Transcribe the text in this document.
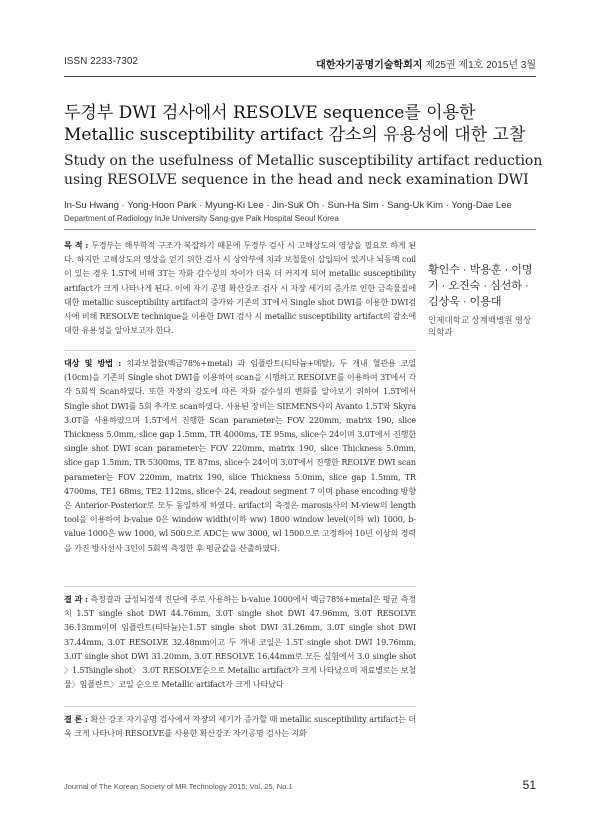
ISSN 2233-7302	대한자기공명기술학회지 제25권 제1호 2015년 3월
두경부 DWI 검사에서 RESOLVE sequence를 이용한 Metallic susceptibility artifact 감소의 유용성에 대한 고찰
Study on the usefulness of Metallic susceptibility artifact reduction using RESOLVE sequence in the head and neck examination DWI
In-Su Hwang · Yong-Hoon Park · Myung-Ki Lee · Jin-Suk Oh · Sun-Ha Sim · Sang-Uk Kim · Yong-Dae Lee
Department of Radiology InJe University Sang-gye Paik Hospital Seoul Korea
목 적 : 두경부는 해부학적 구조가 복잡하기 때문에 두경부 검사 시 고해상도의 영상을 필요로 하게 된다. 하지만 고해상도의 영상을 얻기 위한 검사 시 상악부에 치과 보철물이 삽입되어 있거나 뇌동맥 coil이 있는 경우 1.5T에 비해 3T는 자화 감수성의 차이가 더욱 더 커지게 되어 metallic susceptibility artifact가 크게 나타나게 된다. 이에 자기 공명 확산강조 검사 시 자장 세기의 증가로 인한 금속물질에 대한 metallic susceptibility artifact의 증가와 기존의 3T에서 Single shot DWI를 이용한 DWI검사에 비해 RESOLVE technique을 이용한 DWI 검사 시 metallic susceptibility artifact의 감소에 대한 유용성을 알아보고자 한다.
대상 및 방법 : 치과보철물(백금78%+metal) 과 임플란트(티타늄+메탈), 두 개내 혈관용 코일(10cm)을 기존의 Single shot DWI를 이용하여 scan을 시행하고 RESOLVE를 이용하여 3T에서 각각 5회씩 Scan하였다. 또한 자장의 강도에 따른 자화 감수성의 변화를 알아보기 위하여 1.5T에서 Single shot DWI를 5회 추가로 scan하였다. 사용된 장비는 SIEMENS사의 Avanto 1.5T와 Skyra 3.0T를 사용하였으며 1.5T에서 진행한 Scan parameter는 FOV 220mm, matrix 190, slice Thickness 5.0mm, slice gap 1.5mm, TR 4000ms, TE 95ms, slice수 24이며 3.0T에서 진행한 single shot DWI scan parameter는 FOV 220mm, matrix 190, slice Thickness 5.0mm, slice gap 1.5mm, TR 5300ms, TE 87ms, slice수 24이며 3.0T에서 진행한 REOLVE DWI scan parameter는 FOV 220mm, matrix 190, slice Thickness 5.0mm, slice gap 1.5mm, TR 4700ms, TE1 68ms, TE2 112ms, slice수 24, readout segment 7 이며 phase encoding 방향은 Anterior-Posterior로 모두 동일하게 하였다. arifact의 측정은 marosis사의 M-view의 length tool을 이용하여 b-value 0은 window width(이하 ww) 1800 window level(이하 wl) 1000, b-value 1000은 ww 1000, wl 500으로 ADC는 ww 3000, wl 1500으로 고정하여 10년 이상의 경력을 가진 방사선사 3인이 5회씩 측정한 후 평균값을 산출하였다.
결 과 : 측정결과 급성뇌경색 진단에 주로 사용하는 b-value 1000에서 백금78%+metal은 평균 측정치 1.5T single shot DWI 44.76mm, 3.0T single shot DWI 47.96mm, 3.0T RESOLVE 36.13mm이며 임플란트(티타늄)는1.5T single shot DWI 31.26mm, 3.0T single shot DWI 37.44mm, 3.0T RESOLVE 32.48mm이고 두 개내 코일은 1.5T single shot DWI 19.76mm, 3.0T single shot DWI 31.20mm, 3.0T RESOLVE 16.44mm로 모든 실험에서 3.0 single shot 〉1.5Tsingle shot〉 3.0T RESOLVE순으로 Metallic artifact가 크게 나타났으며 재료별로는 보철물〉임플란트〉코일 순으로 Metallic artifact가 크게 나타났다
결 론 : 확산 강조 자기공명 검사에서 자장의 세기가 증가할 때 metallic susceptibility artifact는 더욱 크게 나타나며 RESOLVE를 사용한 확산강조 자기공명 검사는 지화
황인수 · 박용훈 · 이명기 · 오진숙 · 심선하 · 김상욱 · 이용대
인제대학교 상계백병원 영상의학과
Journal of The Korean Society of MR Technology 2015; Vol. 25, No.1	51
